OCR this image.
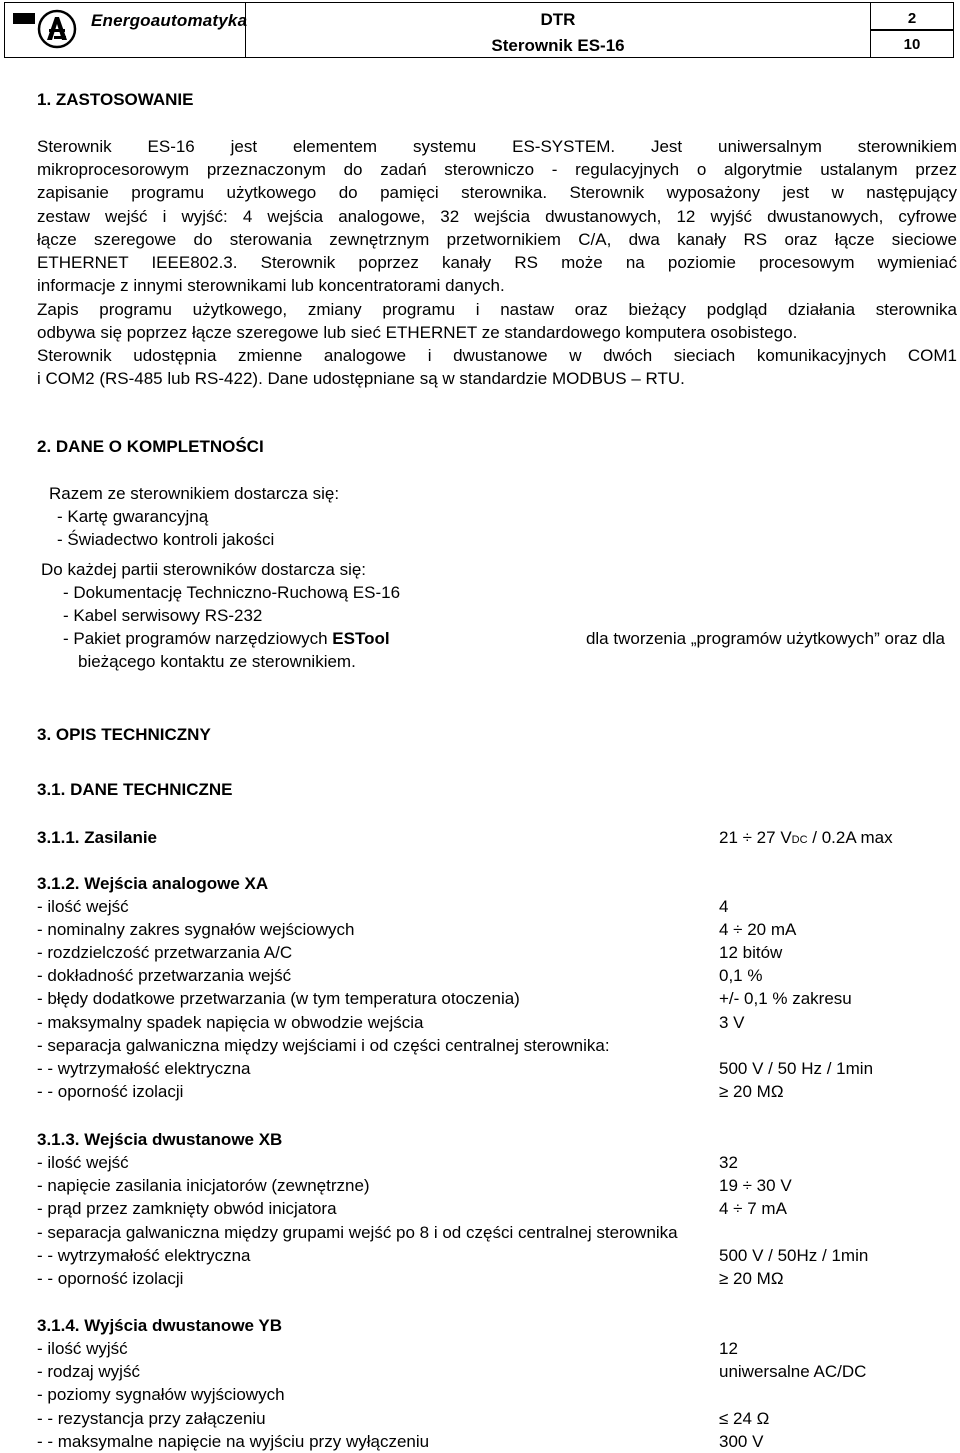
Energoautomatyka	DTR
Sterownik ES-16
2
10
1. ZASTOSOWANIE
Sterownik ES-16 jest elementem systemu ES-SYSTEM. Jest uniwersalnym sterownikiem
mikroprocesorowym przeznaczonym do zadań sterowniczo - regulacyjnych o algorytmie ustalanym przez
zapisanie programu użytkowego do pamięci sterownika. Sterownik wyposażony jest w następujący
zestaw wejść i wyjść: 4 wejścia analogowe, 32 wejścia dwustanowych, 12 wyjść dwustanowych, cyfrowe
łącze szeregowe do sterowania zewnętrznym przetwornikiem C/A, dwa kanały RS oraz łącze sieciowe
ETHERNET IEEE802.3. Sterownik poprzez kanały RS może na poziomie procesowym wymieniać
informacje z innymi sterownikami lub koncentratorami danych.
Zapis programu użytkowego, zmiany programu i nastaw oraz bieżący podgląd działania sterownika
odbywa się poprzez łącze szeregowe lub sieć ETHERNET ze standardowego komputera osobistego.
Sterownik udostępnia zmienne analogowe i dwustanowe w dwóch sieciach komunikacyjnych COM1
i COM2 (RS-485 lub RS-422). Dane udostępniane są w standardzie MODBUS – RTU.
2. DANE O KOMPLETNOŚCI
Razem ze sterownikiem dostarcza się:
- Kartę gwarancyjną
- Świadectwo kontroli jakości
Do każdej partii sterowników dostarcza się:
- Dokumentację Techniczno-Ruchową ES-16
- Kabel serwisowy RS-232
- Pakiet programów narzędziowych ESTool	dla tworzenia „programów użytkowych” oraz dla
bieżącego kontaktu ze sterownikiem.
3. OPIS TECHNICZNY
3.1. DANE TECHNICZNE
3.1.1. Zasilanie	21 ÷ 27 VDC / 0.2A max
3.1.2. Wejścia analogowe XA
- ilość wejść	4
- nominalny zakres sygnałów wejściowych	4 ÷ 20 mA
- rozdzielczość przetwarzania A/C	12 bitów
- dokładność przetwarzania wejść	0,1 %
- błędy dodatkowe przetwarzania (w tym temperatura otoczenia)	+/- 0,1 % zakresu
- maksymalny spadek napięcia w obwodzie wejścia	3 V
- separacja galwaniczna między wejściami i od części centralnej sterownika:
- - wytrzymałość elektryczna	500 V / 50 Hz / 1min
- - oporność izolacji	≥ 20 MΩ
3.1.3. Wejścia dwustanowe XB
- ilość wejść	32
- napięcie zasilania inicjatorów (zewnętrzne)	19 ÷ 30 V
- prąd przez zamknięty obwód inicjatora	4 ÷ 7 mA
- separacja galwaniczna między grupami wejść po 8 i od części centralnej sterownika
- - wytrzymałość elektryczna	500 V / 50Hz / 1min
- - oporność izolacji	≥ 20 MΩ
3.1.4. Wyjścia dwustanowe YB
- ilość wyjść	12
- rodzaj wyjść	uniwersalne AC/DC
- poziomy sygnałów wyjściowych
- - rezystancja przy załączeniu	≤ 24 Ω
- - maksymalne napięcie na wyjściu przy wyłączeniu	300 V
